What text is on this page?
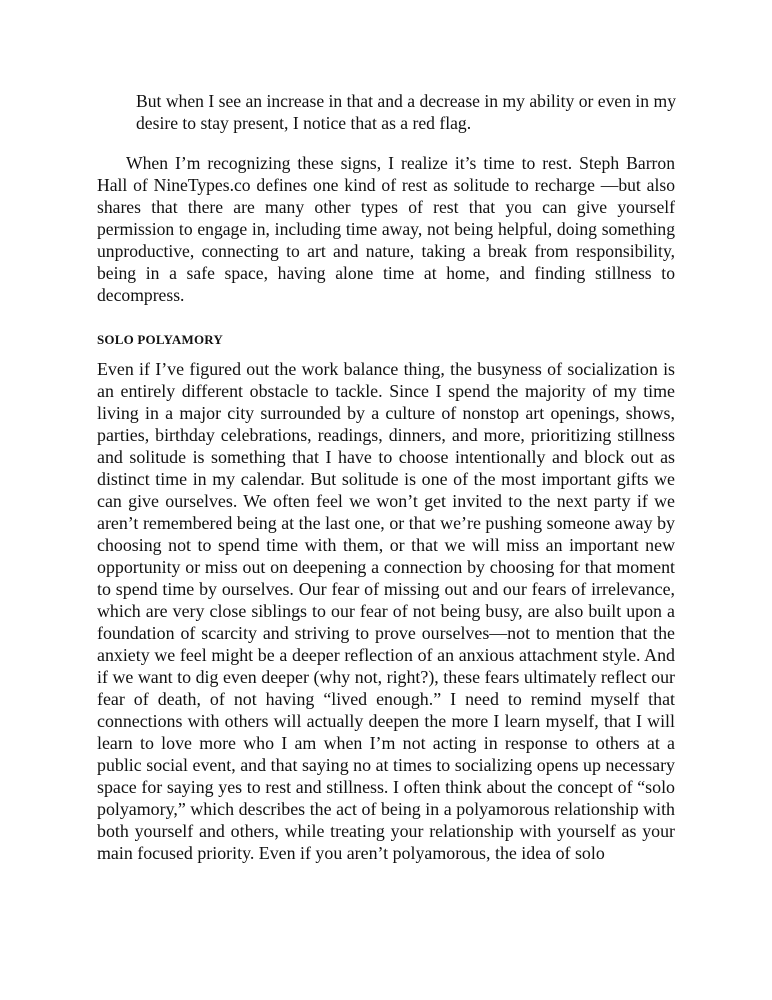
But when I see an increase in that and a decrease in my ability or even in my desire to stay present, I notice that as a red flag.

When I’m recognizing these signs, I realize it’s time to rest. Steph Barron Hall of NineTypes.co defines one kind of rest as solitude to recharge —but also shares that there are many other types of rest that you can give yourself permission to engage in, including time away, not being helpful, doing something unproductive, connecting to art and nature, taking a break from responsibility, being in a safe space, having alone time at home, and finding stillness to decompress.

SOLO POLYAMORY

Even if I’ve figured out the work balance thing, the busyness of socialization is an entirely different obstacle to tackle. Since I spend the majority of my time living in a major city surrounded by a culture of nonstop art openings, shows, parties, birthday celebrations, readings, dinners, and more, prioritizing stillness and solitude is something that I have to choose intentionally and block out as distinct time in my calendar. But solitude is one of the most important gifts we can give ourselves. We often feel we won’t get invited to the next party if we aren’t remembered being at the last one, or that we’re pushing someone away by choosing not to spend time with them, or that we will miss an important new opportunity or miss out on deepening a connection by choosing for that moment to spend time by ourselves. Our fear of missing out and our fears of irrelevance, which are very close siblings to our fear of not being busy, are also built upon a foundation of scarcity and striving to prove ourselves—not to mention that the anxiety we feel might be a deeper reflection of an anxious attachment style. And if we want to dig even deeper (why not, right?), these fears ultimately reflect our fear of death, of not having “lived enough.” I need to remind myself that connections with others will actually deepen the more I learn myself, that I will learn to love more who I am when I’m not acting in response to others at a public social event, and that saying no at times to socializing opens up necessary space for saying yes to rest and stillness. I often think about the concept of “solo polyamory,” which describes the act of being in a polyamorous relationship with both yourself and others, while treating your relationship with yourself as your main focused priority. Even if you aren’t polyamorous, the idea of solo
